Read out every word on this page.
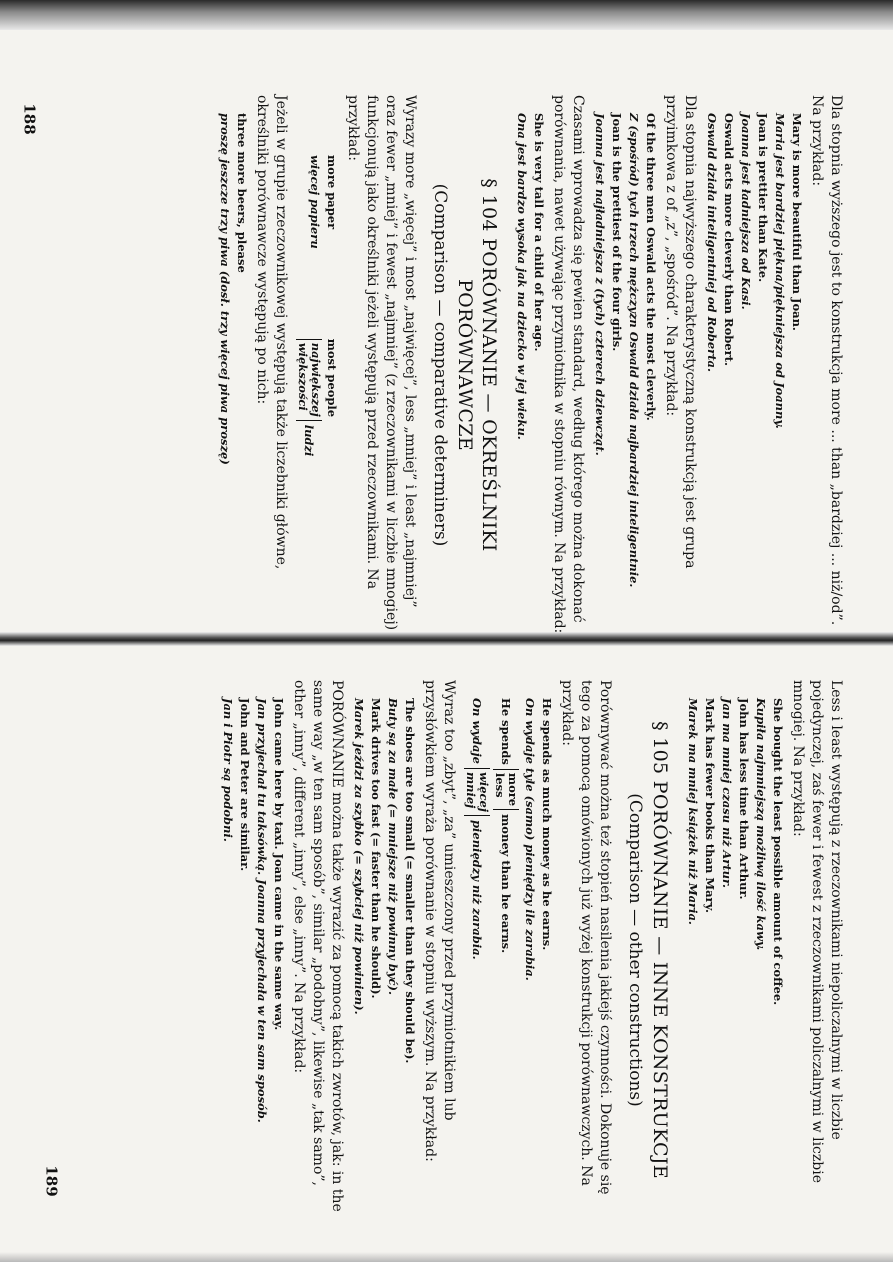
Dla stopnia wyższego jest to konstrukcja more ... than „bardziej ... niż/od”. Na przykład:

Mary is more beautiful than Joan.

Maria jest bardziej piękna/piękniejsza od Joanny.

Joan is prettier than Kate.

Joanna jest ładniejsza od Kasi.

Oswald acts more cleverly than Robert.

Oswald działa inteligentniej od Roberta.

Dla stopnia najwyższego charakterystyczną konstrukcją jest grupa przyimkowa z of „z”, „spośród”. Na przykład:

Of the three men Oswald acts the most cleverly.

Z (spośród) tych trzech mężczyzn Oswald działa najbardziej inteligentnie.

Joan is the prettiest of the four girls.

Joanna jest najładniejsza z (tych) czterech dziewcząt.

Czasami wprowadza się pewien standard, według którego można dokonać porównania, nawet używając przymiotnika w stopniu równym. Na przykład:

She is very tall for a child of her age.

Ona jest bardzo wysoka jak na dziecko w jej wieku.

§ 104 PORÓWNANIE — OKREŚLNIKI PORÓWNAWCZE
(Comparison — comparative determiners)

Wyrazy more „więcej” i most „najwięcej”, less „mniej” i least „najmniej” oraz fewer „mniej” i fewest „najmniej” (z rzeczownikami w liczbie mnogiej) funkcjonują jako określniki jeżeli występują przed rzeczownikami. Na przykład:

more paper

więcej papieru

most people

największej
większości
ludzi

Jeżeli w grupie rzeczownikowej występują także liczebniki główne, określniki porównawcze występują po nich:

three more beers, please

proszę jeszcze trzy piwa (dosł. trzy więcej piwa proszę)

188

Less i least występują z rzeczownikami niepoliczalnymi w liczbie pojedynczej, zaś fewer i fewest z rzeczownikami policzalnymi w liczbie mnogiej. Na przykład:

She bought the least possible amount of coffee.

Kupiła najmniejszą możliwą ilość kawy.

John has less time than Arthur.

Jan ma mniej czasu niż Artur.

Mark has fewer books than Mary.

Marek ma mniej książek niż Maria.

§ 105 PORÓWNANIE — INNE KONSTRUKCJE
(Comparison — other constructions)

Porównywać można też stopień nasilenia jakiejś czynności. Dokonuje się tego za pomocą omówionych już wyżej konstrukcji porównawczych. Na przykład:

He spends as much money as he earns.

On wydaje tyle (samo) pieniędzy ile zarabia.

He spends
more
less
money than he earns.
On wydaje
więcej
mniej
pieniędzy niż zarabia.

Wyraz too „zbyt”, „za” umieszczony przed przymiotnikiem lub przysłówkiem wyraża porównanie w stopniu wyższym. Na przykład:

The shoes are too small (= smaller than they should be).

Buty są za małe (= mniejsze niż powinny być).

Mark drives too fast (= faster than he should).

Marek jeździ za szybko (= szybciej niż powinien).

PORÓWNANIE można także wyrazić za pomocą takich zwrotów, jak: in the same way „w ten sam sposób”, similar „podobny”, likewise „tak samo”, other „inny”, different „inny”, else „inny”. Na przykład:

John came here by taxi. Joan came in the same way.

Jan przyjechał tu taksówką. Joanna przyjechała w ten sam sposób.

John and Peter are similar.

Jan i Piotr są podobni.

189
